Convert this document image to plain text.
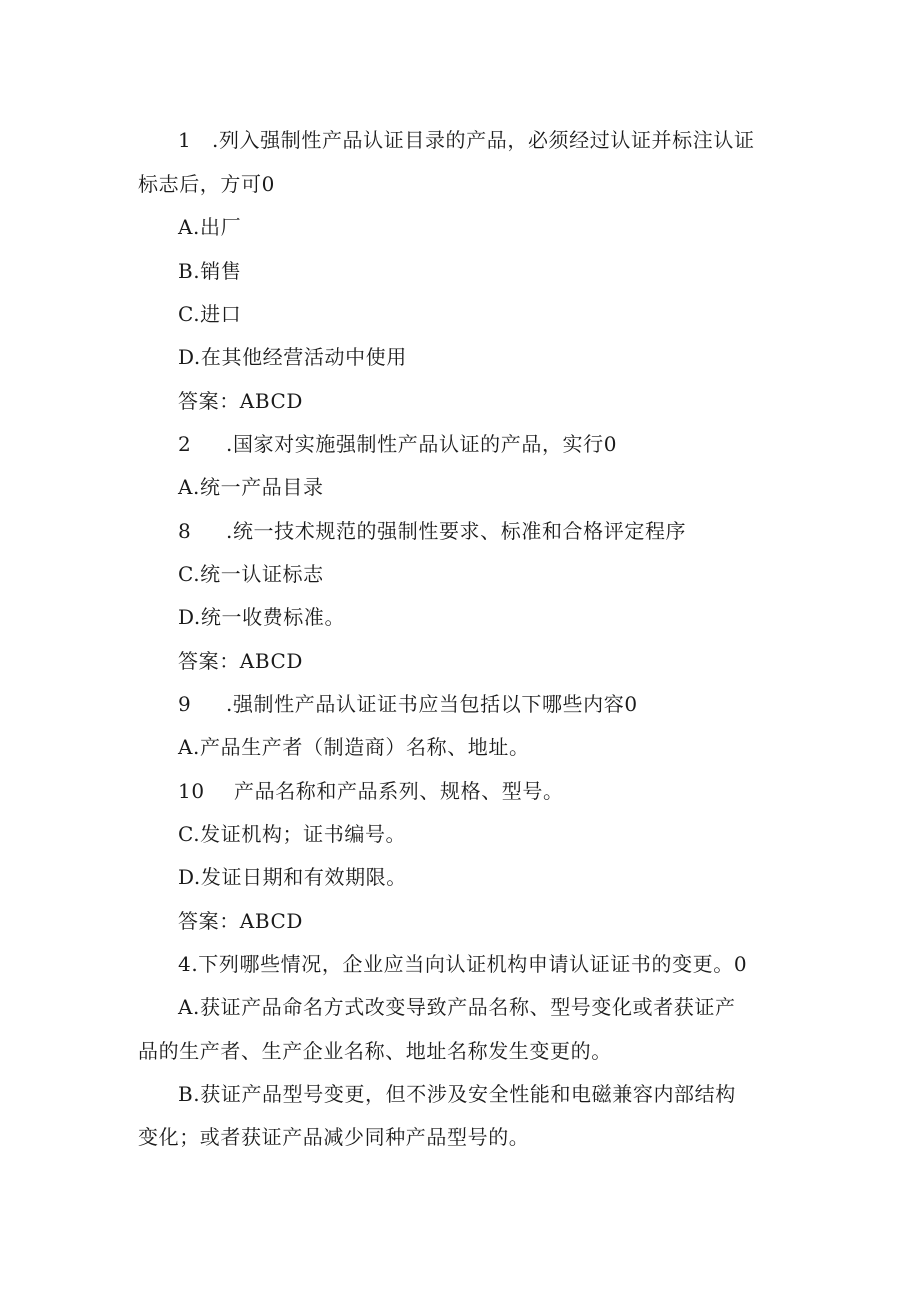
1 .列入强制性产品认证目录的产品，必须经过认证并标注认证
标志后，方可0
A.出厂
B.销售
C.进口
D.在其他经营活动中使用
答案：ABCD
2 .国家对实施强制性产品认证的产品，实行0
A.统一产品目录
8 .统一技术规范的强制性要求、标准和合格评定程序
C.统一认证标志
D.统一收费标准。
答案：ABCD
9 .强制性产品认证证书应当包括以下哪些内容0
A.产品生产者（制造商）名称、地址。
10 产品名称和产品系列、规格、型号。
C.发证机构；证书编号。
D.发证日期和有效期限。
答案：ABCD
4.下列哪些情况，企业应当向认证机构申请认证证书的变更。0
A.获证产品命名方式改变导致产品名称、型号变化或者获证产
品的生产者、生产企业名称、地址名称发生变更的。
B.获证产品型号变更，但不涉及安全性能和电磁兼容内部结构
变化；或者获证产品减少同种产品型号的。
